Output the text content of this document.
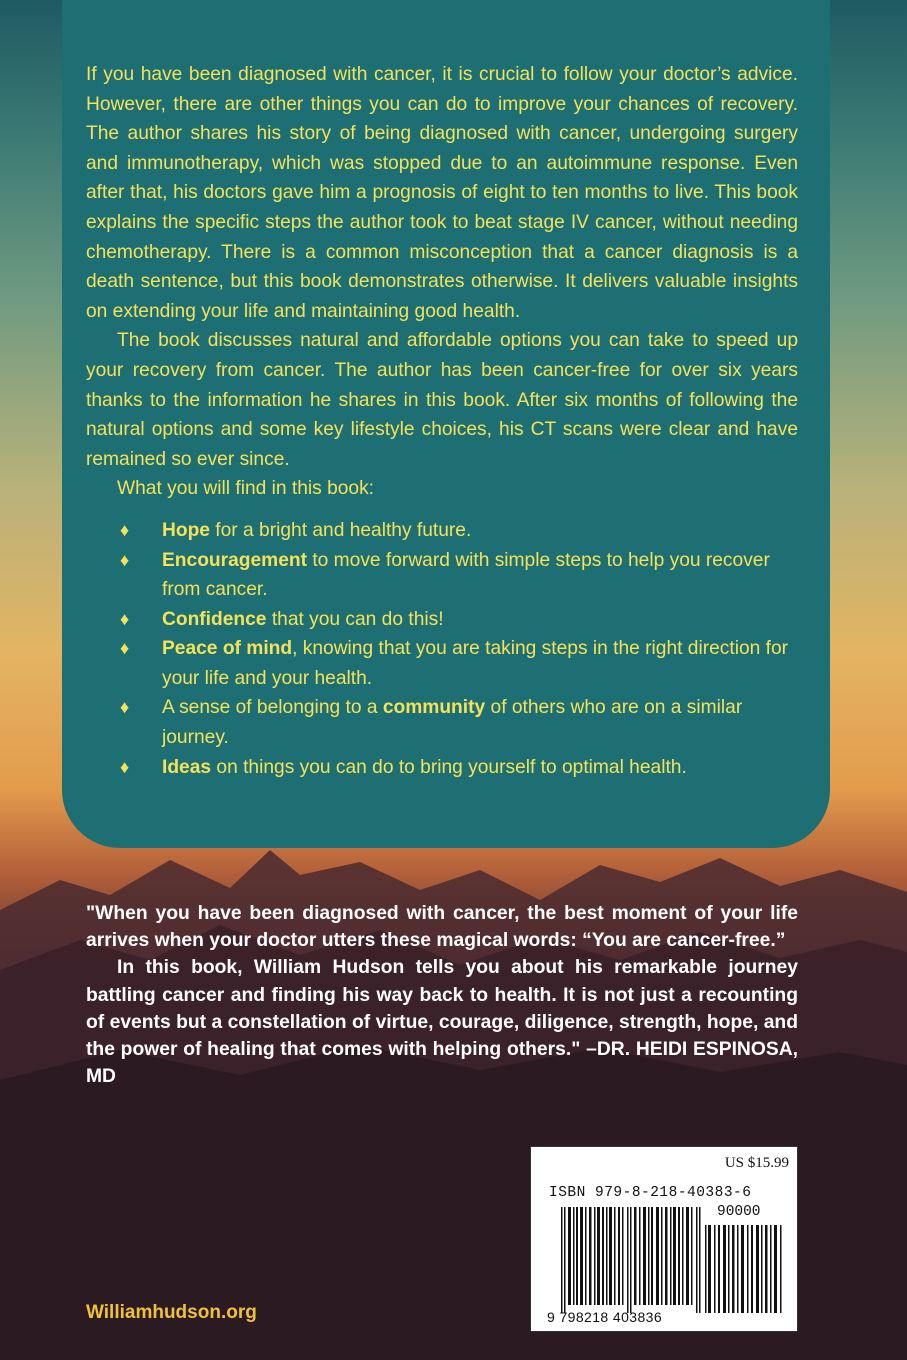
If you have been diagnosed with cancer, it is crucial to follow your doctor’s advice. However, there are other things you can do to improve your chances of recovery. The author shares his story of being diagnosed with cancer, undergoing surgery and immunotherapy, which was stopped due to an autoimmune response. Even after that, his doctors gave him a prognosis of eight to ten months to live. This book explains the specific steps the author took to beat stage IV cancer, without needing chemotherapy. There is a common misconception that a cancer diagnosis is a death sentence, but this book demonstrates otherwise. It delivers valuable insights on extending your life and maintaining good health.

The book discusses natural and affordable options you can take to speed up your recovery from cancer. The author has been cancer-free for over six years thanks to the information he shares in this book. After six months of following the natural options and some key lifestyle choices, his CT scans were clear and have remained so ever since.

What you will find in this book:

♦ Hope for a bright and healthy future.
♦ Encouragement to move forward with simple steps to help you recover from cancer.
♦ Confidence that you can do this!
♦ Peace of mind, knowing that you are taking steps in the right direction for your life and your health.
♦ A sense of belonging to a community of others who are on a similar journey.
♦ Ideas on things you can do to bring yourself to optimal health.

"When you have been diagnosed with cancer, the best moment of your life arrives when your doctor utters these magical words: “You are cancer-free.”

In this book, William Hudson tells you about his remarkable journey battling cancer and finding his way back to health. It is not just a recounting of events but a constellation of virtue, courage, diligence, strength, hope, and the power of healing that comes with helping others." –DR. HEIDI ESPINOSA, MD

US $15.99
ISBN 979-8-218-40383-6
90000
9 798218 403836
Williamhudson.org
